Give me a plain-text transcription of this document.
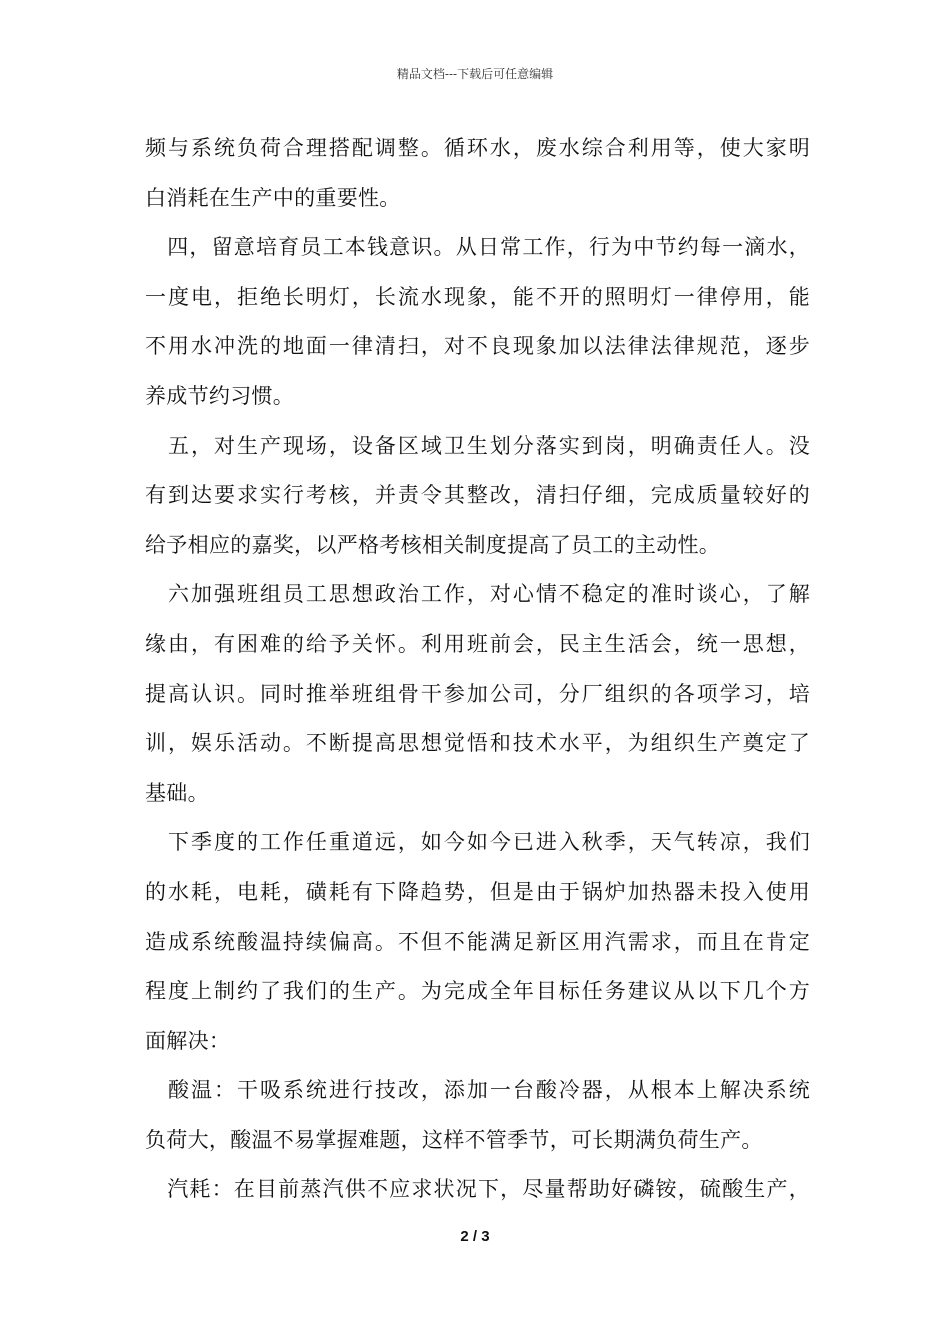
精品文档---下载后可任意编辑
频与系统负荷合理搭配调整。循环水，废水综合利用等，使大家明
白消耗在生产中的重要性。
　四，留意培育员工本钱意识。从日常工作，行为中节约每一滴水，
一度电，拒绝长明灯，长流水现象，能不开的照明灯一律停用，能
不用水冲洗的地面一律清扫，对不良现象加以法律法律规范，逐步
养成节约习惯。
　五，对生产现场，设备区域卫生划分落实到岗，明确责任人。没
有到达要求实行考核，并责令其整改，清扫仔细，完成质量较好的
给予相应的嘉奖，以严格考核相关制度提高了员工的主动性。
　六加强班组员工思想政治工作，对心情不稳定的准时谈心，了解
缘由，有困难的给予关怀。利用班前会，民主生活会，统一思想，
提高认识。同时推举班组骨干参加公司，分厂组织的各项学习，培
训，娱乐活动。不断提高思想觉悟和技术水平，为组织生产奠定了
基础。
　下季度的工作任重道远，如今如今已进入秋季，天气转凉，我们
的水耗，电耗，磺耗有下降趋势，但是由于锅炉加热器未投入使用
造成系统酸温持续偏高。不但不能满足新区用汽需求，而且在肯定
程度上制约了我们的生产。为完成全年目标任务建议从以下几个方
面解决：
　酸温：干吸系统进行技改，添加一台酸冷器，从根本上解决系统
负荷大，酸温不易掌握难题，这样不管季节，可长期满负荷生产。
　汽耗：在目前蒸汽供不应求状况下，尽量帮助好磷铵，硫酸生产，
2 / 3
